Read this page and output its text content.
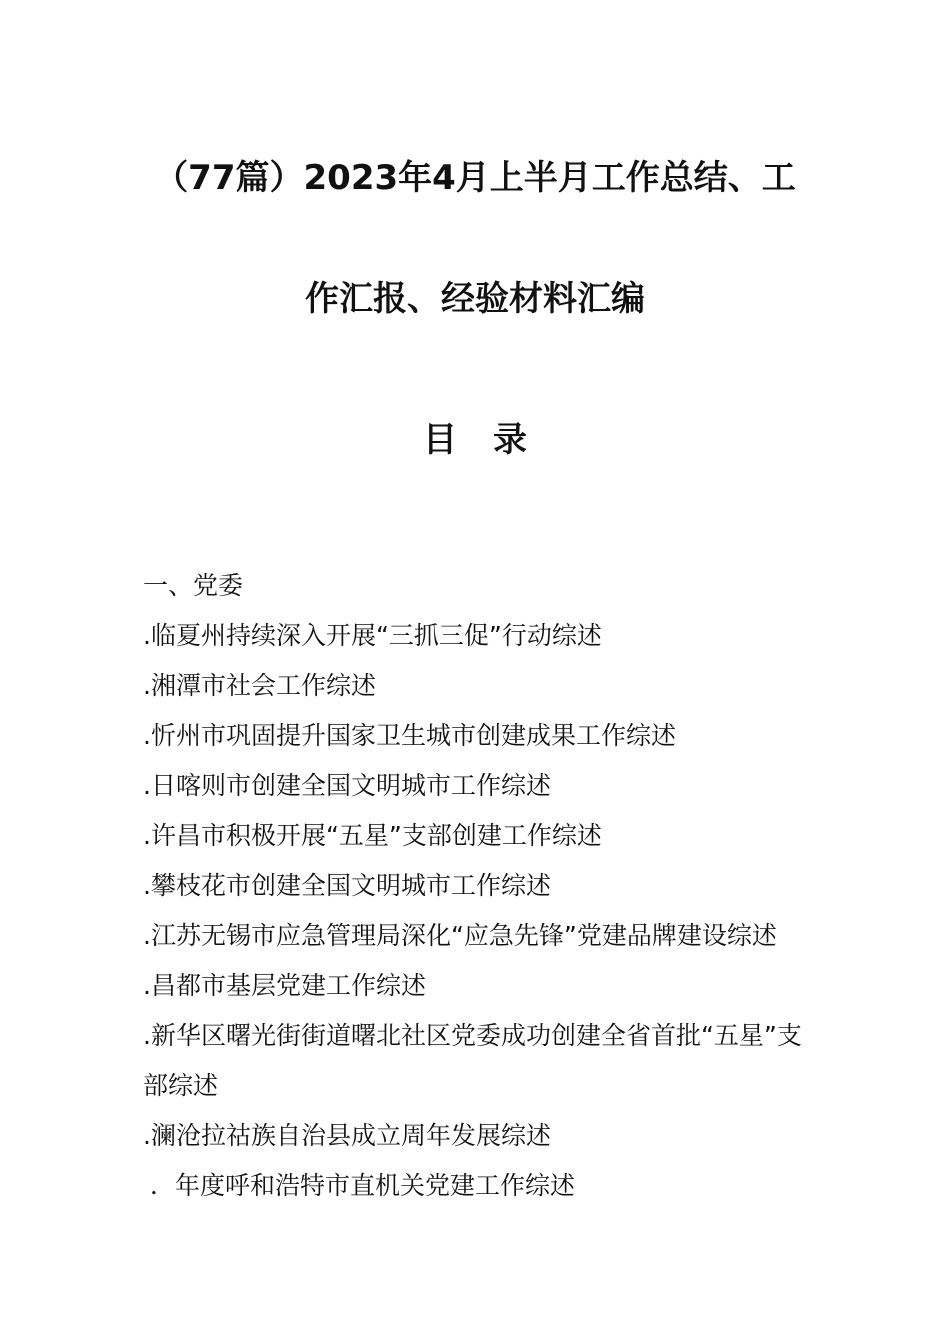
（77篇）2023年4月上半月工作总结、工
作汇报、经验材料汇编
目录
一、党委
.临夏州持续深入开展“三抓三促”行动综述
.湘潭市社会工作综述
.忻州市巩固提升国家卫生城市创建成果工作综述
.日喀则市创建全国文明城市工作综述
.许昌市积极开展“五星”支部创建工作综述
.攀枝花市创建全国文明城市工作综述
.江苏无锡市应急管理局深化“应急先锋”党建品牌建设综述
.昌都市基层党建工作综述
.新华区曙光街街道曙北社区党委成功创建全省首批“五星”支部综述
.澜沧拉祜族自治县成立周年发展综述
．年度呼和浩特市直机关党建工作综述
